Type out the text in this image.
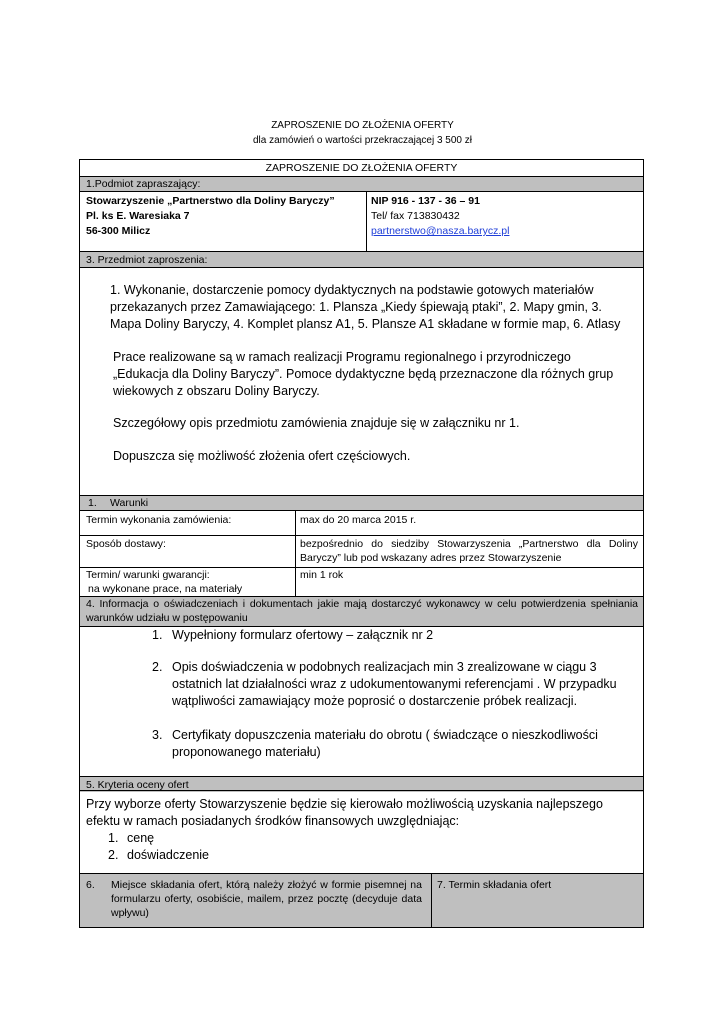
ZAPROSZENIE DO ZŁOŻENIA OFERTY
dla zamówień o wartości przekraczającej 3 500 zł
ZAPROSZENIE DO ZŁOŻENIA OFERTY
1.Podmiot zapraszający:
Stowarzyszenie „Partnerstwo dla Doliny Baryczy”
Pl. ks E. Waresiaka 7
56-300 Milicz
NIP 916 - 137 - 36 – 91
Tel/ fax 713830432
partnerstwo@nasza.barycz.pl
3. Przedmiot zaproszenia:
1. Wykonanie, dostarczenie pomocy dydaktycznych na podstawie gotowych materiałów przekazanych przez Zamawiającego: 1. Plansza „Kiedy śpiewają ptaki”, 2. Mapy gmin, 3. Mapa Doliny Baryczy, 4. Komplet plansz A1, 5. Plansze A1 składane w formie map, 6. Atlasy
Prace realizowane są w ramach realizacji Programu regionalnego i przyrodniczego „Edukacja dla Doliny Baryczy”. Pomoce dydaktyczne będą przeznaczone dla różnych grup wiekowych z obszaru Doliny Baryczy.
Szczegółowy opis przedmiotu zamówienia znajduje się w załączniku nr 1.
Dopuszcza się możliwość złożenia ofert częściowych.
1. Warunki
Termin wykonania zamówienia:	max do 20 marca 2015 r.
Sposób dostawy:	bezpośrednio do siedziby Stowarzyszenia „Partnerstwo dla Doliny Baryczy” lub pod wskazany adres przez Stowarzyszenie
Termin/ warunki gwarancji:
na wykonane prace, na materiały
min 1 rok
4. Informacja o oświadczeniach i dokumentach jakie mają dostarczyć wykonawcy w celu potwierdzenia spełniania warunków udziału w postępowaniu
1. Wypełniony formularz ofertowy – załącznik nr 2
2. Opis doświadczenia w podobnych realizacjach min 3 zrealizowane w ciągu 3 ostatnich lat działalności wraz z udokumentowanymi referencjami . W przypadku wątpliwości zamawiający może poprosić o dostarczenie próbek realizacji.
3. Certyfikaty dopuszczenia materiału do obrotu ( świadczące o nieszkodliwości proponowanego materiału)
5. Kryteria oceny ofert
Przy wyborze oferty Stowarzyszenie będzie się kierowało możliwością uzyskania najlepszego efektu w ramach posiadanych środków finansowych uwzględniając:
1. cenę
2. doświadczenie
6. Miejsce składania ofert, którą należy złożyć w formie pisemnej na formularzu oferty, osobiście, mailem, przez pocztę (decyduje data wpływu)
7. Termin składania ofert
